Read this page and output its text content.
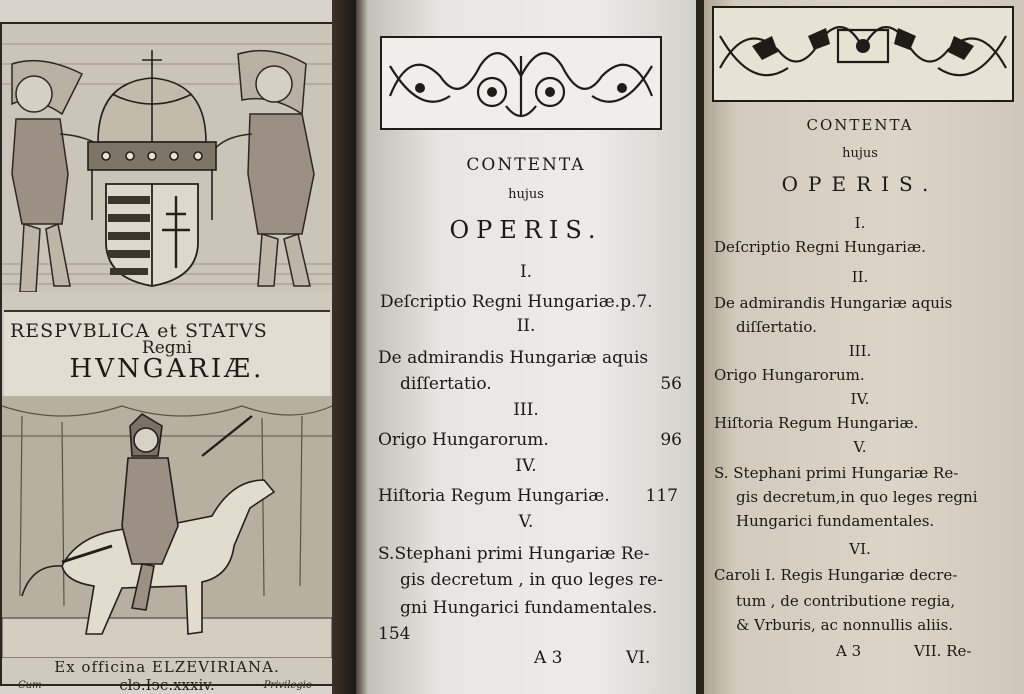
RESPVBLICA et STATVS
Regni
HVNGARIÆ.
Ex officina ELZEVIRIANA.
Cum	clↄ.Iↄc.xxxiv.	Privilegio
CONTENTA
hujus
OPERIS.
I.
Deſcriptio Regni Hungariæ.p.7.
II.
De admirandis Hungariæ aquis
diſſertatio.	56
III.
Origo Hungarorum.	96
IV.
Hiſtoria Regum Hungariæ. 117
V.
S.Stephani primi Hungariæ Re-
gis decretum , in quo leges re-
gni Hungarici fundamentales.
154
A 3	VI.
CONTENTA
hujus
OPERIS.
I.
Deſcriptio Regni Hungariæ.
II.
De admirandis Hungariæ aquis
diſſertatio.
III.
Origo Hungarorum.
IV.
Hiſtoria Regum Hungariæ.
V.
S. Stephani primi Hungariæ Re-
gis decretum,in quo leges regni
Hungarici fundamentales.
VI.
Caroli I. Regis Hungariæ decre-
tum , de contributione regia,
& Vrburis, ac nonnullis aliis.
A 3	VII. Re-
